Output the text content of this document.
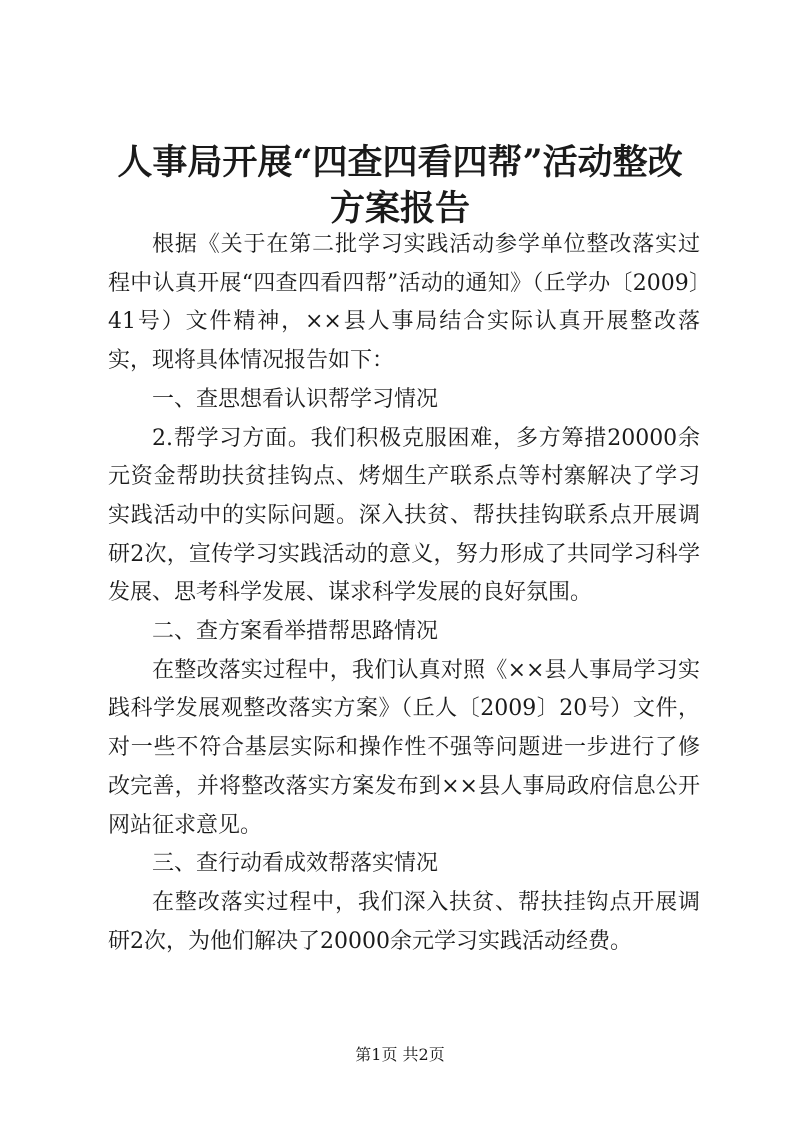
人事局开展“四查四看四帮”活动整改方案报告

根据《关于在第二批学习实践活动参学单位整改落实过程中认真开展“四查四看四帮”活动的通知》（丘学办〔2009〕41号）文件精神，××县人事局结合实际认真开展整改落实，现将具体情况报告如下：

一、查思想看认识帮学习情况

2.帮学习方面。我们积极克服困难，多方筹措20000余元资金帮助扶贫挂钩点、烤烟生产联系点等村寨解决了学习实践活动中的实际问题。深入扶贫、帮扶挂钩联系点开展调研2次，宣传学习实践活动的意义，努力形成了共同学习科学发展、思考科学发展、谋求科学发展的良好氛围。

二、查方案看举措帮思路情况

在整改落实过程中，我们认真对照《××县人事局学习实践科学发展观整改落实方案》（丘人〔2009〕20号）文件，对一些不符合基层实际和操作性不强等问题进一步进行了修改完善，并将整改落实方案发布到××县人事局政府信息公开网站征求意见。

三、查行动看成效帮落实情况

在整改落实过程中，我们深入扶贫、帮扶挂钩点开展调研2次，为他们解决了20000余元学习实践活动经费。

第1页 共2页
